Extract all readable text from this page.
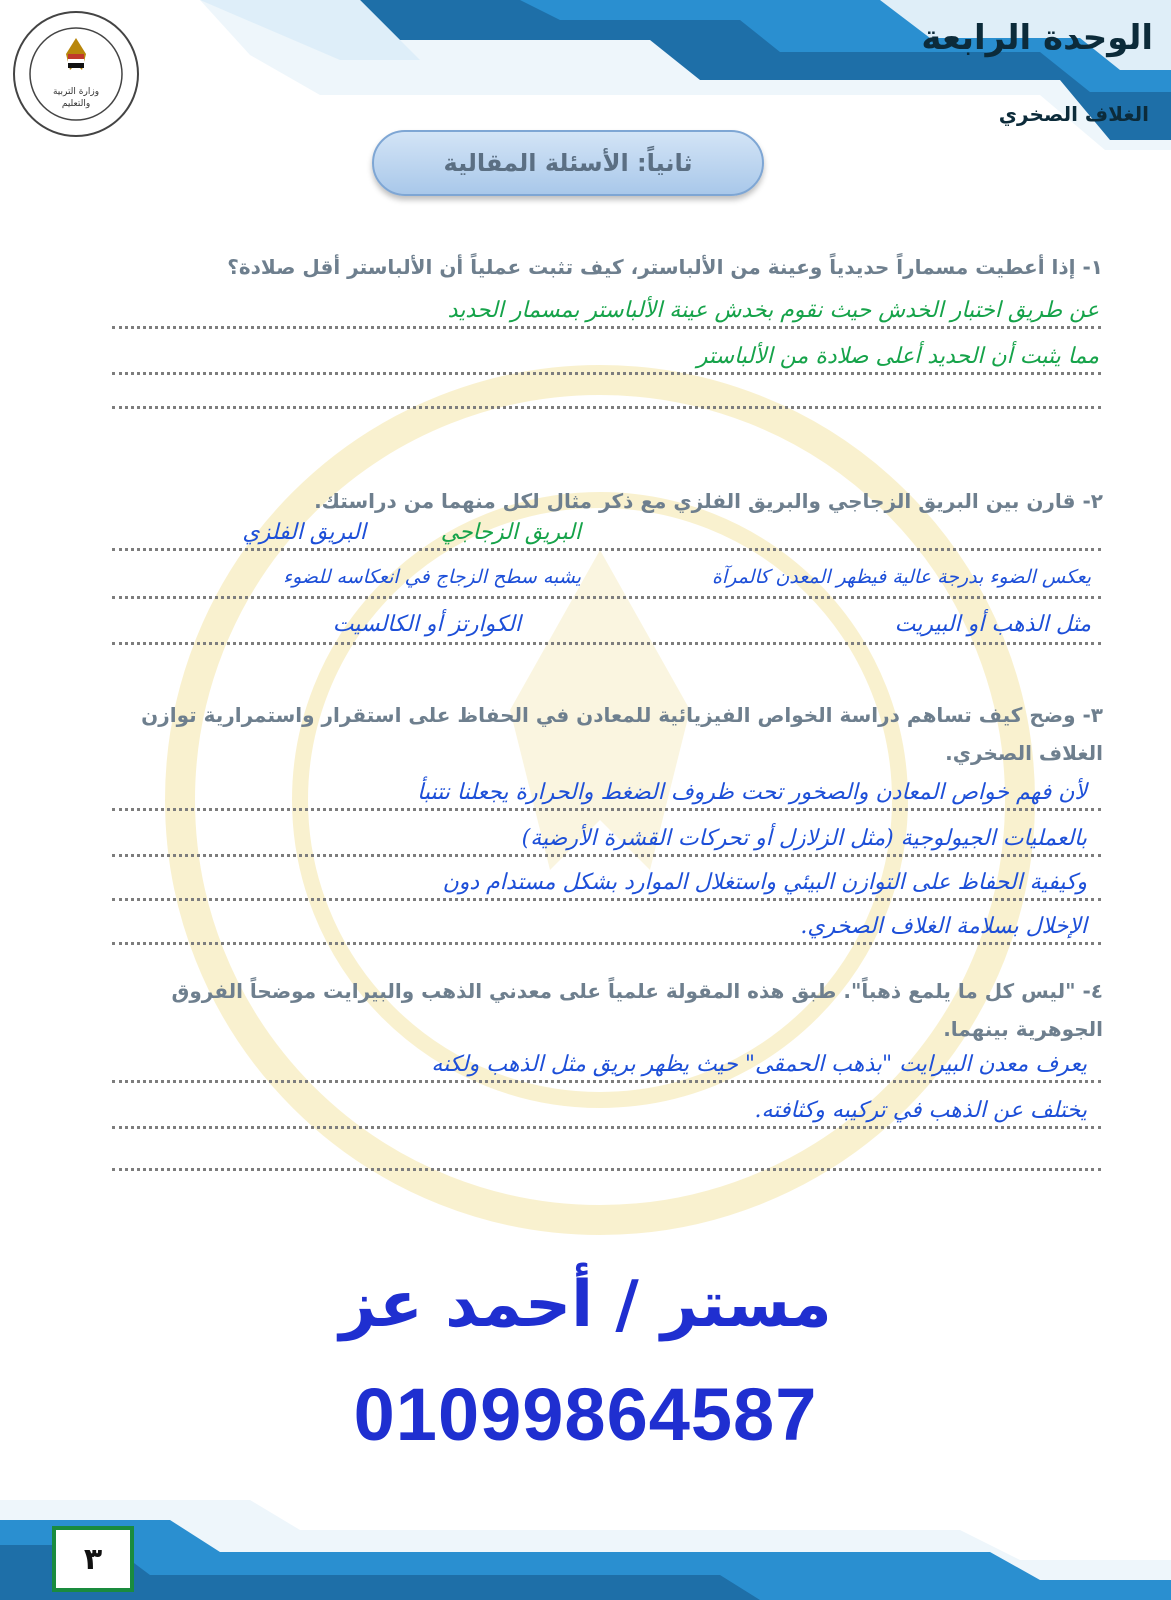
الوحدة الرابعة
الغلاف الصخري
وزارة التربية
والتعليم
ثانياً: الأسئلة المقالية
١- إذا أعطيت مسماراً حديدياً وعينة من الألباستر، كيف تثبت عملياً أن الألباستر أقل صلادة؟
عن طريق اختبار الخدش حيث نقوم بخدش عينة الألباستر بمسمار الحديد
مما يثبت أن الحديد أعلى صلادة من الألباستر
٢- قارن بين البريق الزجاجي والبريق الفلزي مع ذكر مثال لكل منهما من دراستك.
البريق الزجاجي
البريق الفلزي
يعكس الضوء بدرجة عالية فيظهر المعدن كالمرآة
يشبه سطح الزجاج في انعكاسه للضوء
مثل الذهب أو البيريت
الكوارتز أو الكالسيت
٣- وضح كيف تساهم دراسة الخواص الفيزيائية للمعادن في الحفاظ على استقرار واستمرارية توازن الغلاف الصخري.
لأن فهم خواص المعادن والصخور تحت ظروف الضغط والحرارة يجعلنا نتنبأ
بالعمليات الجيولوجية (مثل الزلازل أو تحركات القشرة الأرضية)
وكيفية الحفاظ على التوازن البيئي واستغلال الموارد بشكل مستدام دون
الإخلال بسلامة الغلاف الصخري.
٤- "ليس كل ما يلمع ذهباً". طبق هذه المقولة علمياً على معدني الذهب والبيرايت موضحاً الفروق الجوهرية بينهما.
يعرف معدن البيرايت "بذهب الحمقى" حيث يظهر بريق مثل الذهب ولكنه
يختلف عن الذهب في تركيبه وكثافته.
مستر / أحمد عز
01099864587
٣
